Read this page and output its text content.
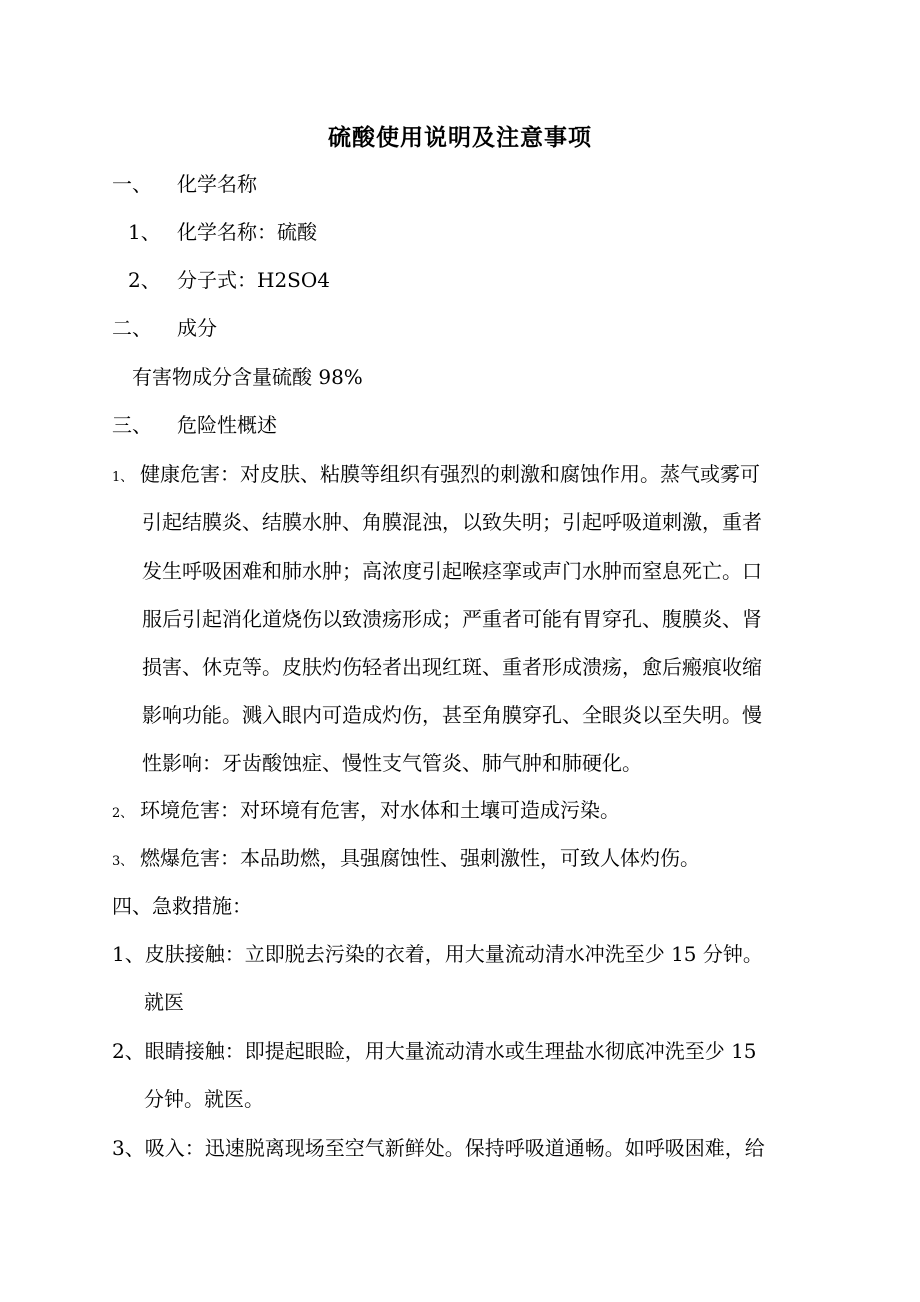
硫酸使用说明及注意事项
一、 化学名称
1、 化学名称：硫酸
2、 分子式：H2SO4
二、 成分
有害物成分含量硫酸 98%
三、 危险性概述
1、 健康危害：对皮肤、粘膜等组织有强烈的刺激和腐蚀作用。蒸气或雾可
引起结膜炎、结膜水肿、角膜混浊，以致失明；引起呼吸道刺激，重者
发生呼吸困难和肺水肿；高浓度引起喉痉挛或声门水肿而窒息死亡。口
服后引起消化道烧伤以致溃疡形成；严重者可能有胃穿孔、腹膜炎、肾
损害、休克等。皮肤灼伤轻者出现红斑、重者形成溃疡，愈后瘢痕收缩
影响功能。溅入眼内可造成灼伤，甚至角膜穿孔、全眼炎以至失明。慢
性影响：牙齿酸蚀症、慢性支气管炎、肺气肿和肺硬化。
2、 环境危害：对环境有危害，对水体和土壤可造成污染。
3、 燃爆危害：本品助燃，具强腐蚀性、强刺激性，可致人体灼伤。
四、急救措施：
1、皮肤接触：立即脱去污染的衣着，用大量流动清水冲洗至少 15 分钟。
就医
2、眼睛接触：即提起眼睑，用大量流动清水或生理盐水彻底冲洗至少 15
分钟。就医。
3、吸入：迅速脱离现场至空气新鲜处。保持呼吸道通畅。如呼吸困难，给
